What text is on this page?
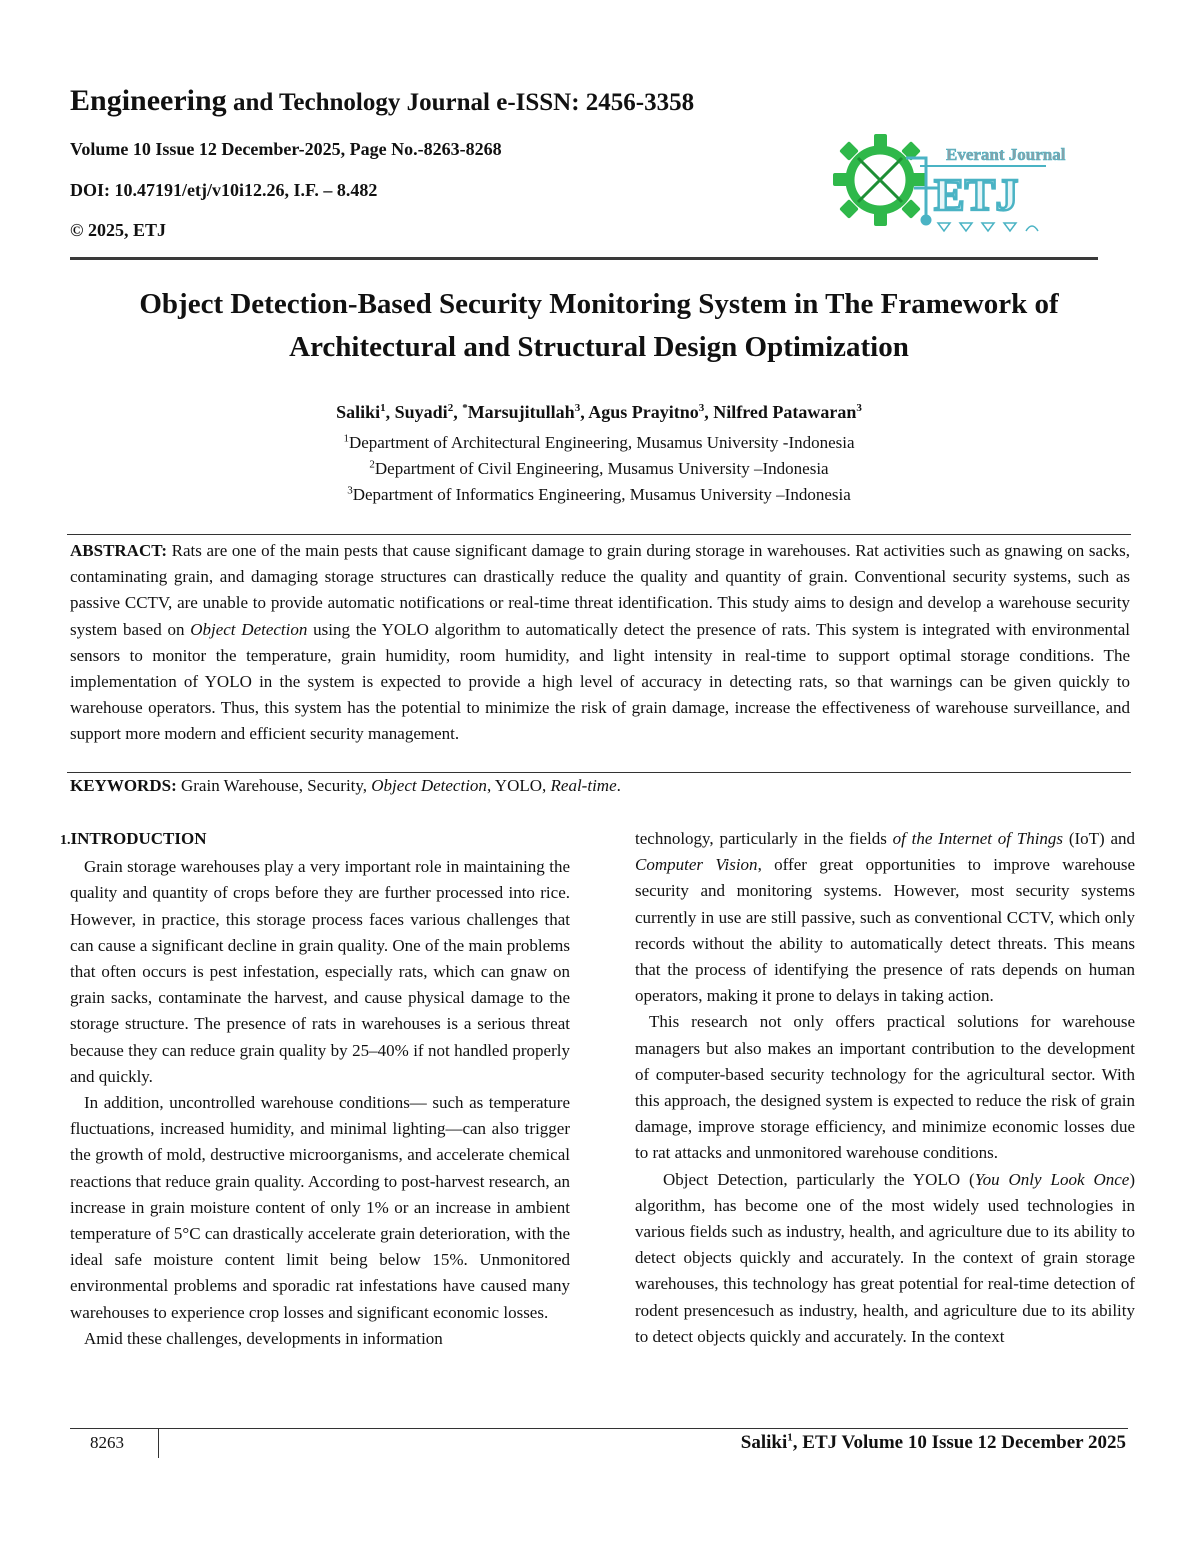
Engineering and Technology Journal e-ISSN: 2456-3358
Volume 10 Issue 12 December-2025, Page No.-8263-8268
DOI: 10.47191/etj/v10i12.26, I.F. – 8.482
© 2025, ETJ
Everant Journal
ETJ
Object Detection-Based Security Monitoring System in The Framework of
Architectural and Structural Design Optimization
Saliki$^1$, Suyadi$^2$, *Marsujitullah$^3$, Agus Prayitno$^3$, Nilfred Patawaran$^3$
$^1$Department of Architectural Engineering, Musamus University -Indonesia
$^2$Department of Civil Engineering, Musamus University –Indonesia
$^3$Department of Informatics Engineering, Musamus University –Indonesia
ABSTRACT: Rats are one of the main pests that cause significant damage to grain during storage in warehouses. Rat activities such as gnawing on sacks, contaminating grain, and damaging storage structures can drastically reduce the quality and quantity of grain. Conventional security systems, such as passive CCTV, are unable to provide automatic notifications or real-time threat identification. This study aims to design and develop a warehouse security system based on Object Detection using the YOLO algorithm to automatically detect the presence of rats. This system is integrated with environmental sensors to monitor the temperature, grain humidity, room humidity, and light intensity in real-time to support optimal storage conditions. The implementation of YOLO in the system is expected to provide a high level of accuracy in detecting rats, so that warnings can be given quickly to warehouse operators. Thus, this system has the potential to minimize the risk of grain damage, increase the effectiveness of warehouse surveillance, and support more modern and efficient security management.
KEYWORDS: Grain Warehouse, Security, Object Detection, YOLO, Real-time.
1.INTRODUCTION

Grain storage warehouses play a very important role in maintaining the quality and quantity of crops before they are further processed into rice. However, in practice, this storage process faces various challenges that can cause a significant decline in grain quality. One of the main problems that often occurs is pest infestation, especially rats, which can gnaw on grain sacks, contaminate the harvest, and cause physical damage to the storage structure. The presence of rats in warehouses is a serious threat because they can reduce grain quality by 25–40% if not handled properly and quickly.

In addition, uncontrolled warehouse conditions— such as temperature fluctuations, increased humidity, and minimal lighting—can also trigger the growth of mold, destructive microorganisms, and accelerate chemical reactions that reduce grain quality. According to post-harvest research, an increase in grain moisture content of only 1% or an increase in ambient temperature of 5°C can drastically accelerate grain deterioration, with the ideal safe moisture content limit being below 15%. Unmonitored environmental problems and sporadic rat infestations have caused many warehouses to experience crop losses and significant economic losses.

Amid these challenges, developments in information

technology, particularly in the fields of the Internet of Things (IoT) and Computer Vision, offer great opportunities to improve warehouse security and monitoring systems. However, most security systems currently in use are still passive, such as conventional CCTV, which only records without the ability to automatically detect threats. This means that the process of identifying the presence of rats depends on human operators, making it prone to delays in taking action.

This research not only offers practical solutions for warehouse managers but also makes an important contribution to the development of computer-based security technology for the agricultural sector. With this approach, the designed system is expected to reduce the risk of grain damage, improve storage efficiency, and minimize economic losses due to rat attacks and unmonitored warehouse conditions.

Object Detection, particularly the YOLO (You Only Look Once) algorithm, has become one of the most widely used technologies in various fields such as industry, health, and agriculture due to its ability to detect objects quickly and accurately. In the context of grain storage warehouses, this technology has great potential for real-time detection of rodent presencesuch as industry, health, and agriculture due to its ability to detect objects quickly and accurately. In the context

8263	Saliki$^1$, ETJ Volume 10 Issue 12 December 2025
